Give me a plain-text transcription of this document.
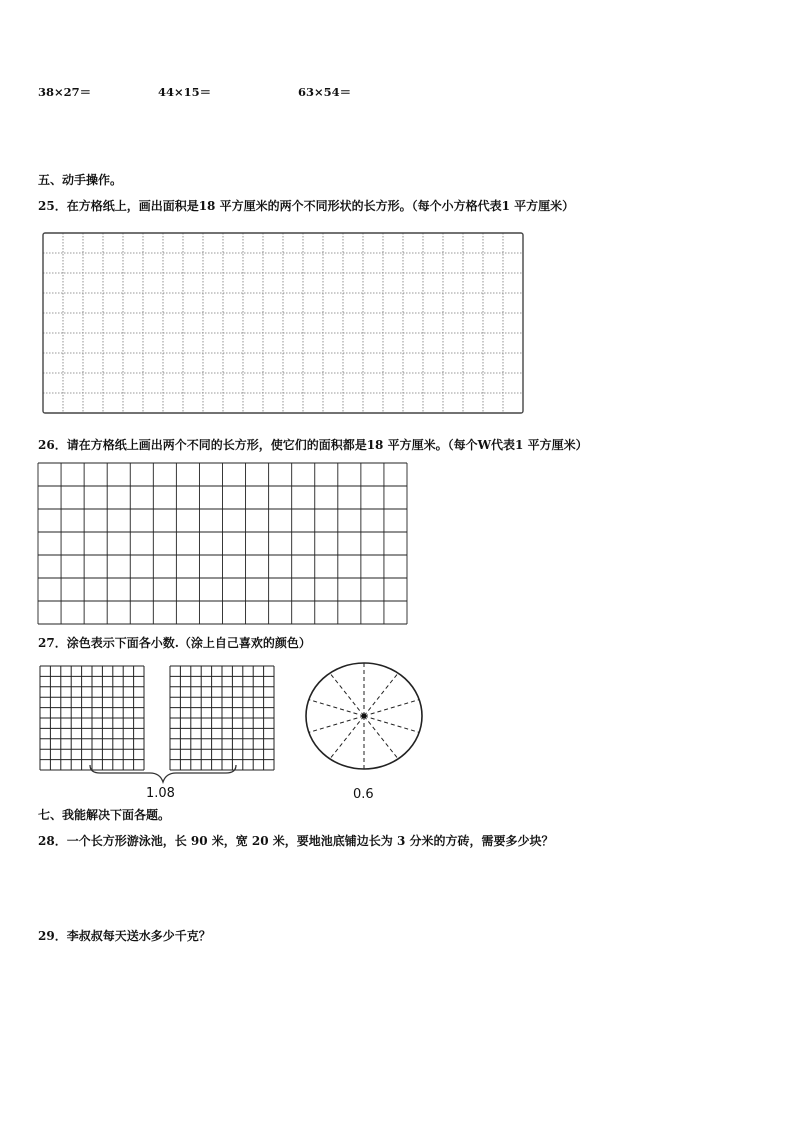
38×27＝	44×15＝	63×54＝
五、动手操作。
25．在方格纸上，画出面积是18 平方厘米的两个不同形状的长方形。（每个小方格代表1 平方厘米）
26．请在方格纸上画出两个不同的长方形，使它们的面积都是18 平方厘米。（每个W代表1 平方厘米）
27．涂色表示下面各小数.（涂上自己喜欢的颜色）
1.08	0.6
七、我能解决下面各题。
28．一个长方形游泳池，长 90 米，宽 20 米，要地池底铺边长为 3 分米的方砖，需要多少块？
29．李叔叔每天送水多少千克？
